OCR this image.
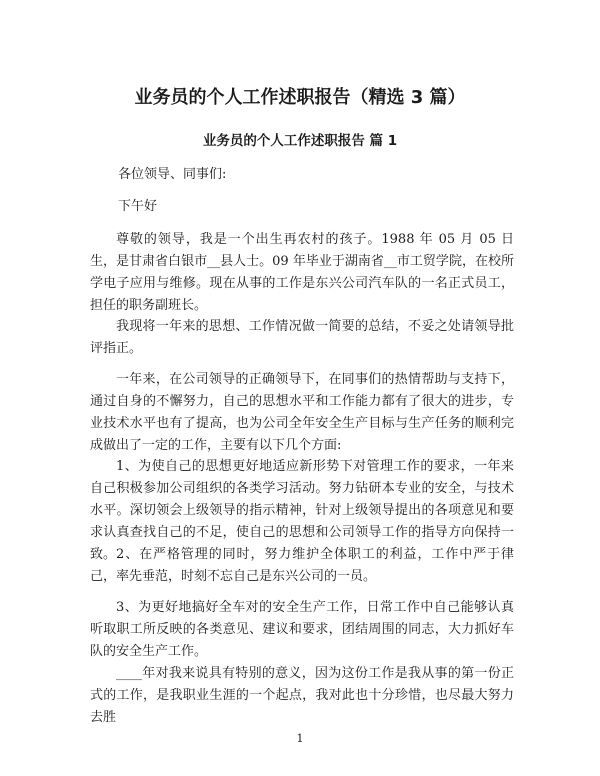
业务员的个人工作述职报告（精选 3 篇）
业务员的个人工作述职报告 篇 1

各位领导、同事们:

下午好

尊敬的领导，我是一个出生再农村的孩子。1988 年 05 月 05 日生，是甘肃省白银市__县人士。09 年毕业于湖南省__市工贸学院，在校所学电子应用与维修。现在从事的工作是东兴公司汽车队的一名正式员工，担任的职务副班长。

我现将一年来的思想、工作情况做一简要的总结，不妥之处请领导批评指正。

一年来，在公司领导的正确领导下，在同事们的热情帮助与支持下，通过自身的不懈努力，自己的思想水平和工作能力都有了很大的进步，专业技术水平也有了提高，也为公司全年安全生产目标与生产任务的顺利完成做出了一定的工作，主要有以下几个方面:

1、为使自己的思想更好地适应新形势下对管理工作的要求，一年来自己积极参加公司组织的各类学习活动。努力钻研本专业的安全，与技术水平。深切领会上级领导的指示精神，针对上级领导提出的各项意见和要求认真查找自己的不足，使自己的思想和公司领导工作的指导方向保持一致。 2、在严格管理的同时，努力维护全体职工的利益，工作中严于律己，率先垂范，时刻不忘自己是东兴公司的一员。

3、为更好地搞好全车对的安全生产工作，日常工作中自己能够认真听取职工所反映的各类意见、建议和要求，团结周围的同志，大力抓好车队的安全生产工作。

____年对我来说具有特别的意义，因为这份工作是我从事的第一份正式的工作，是我职业生涯的一个起点，我对此也十分珍惜，也尽最大努力去胜

1
